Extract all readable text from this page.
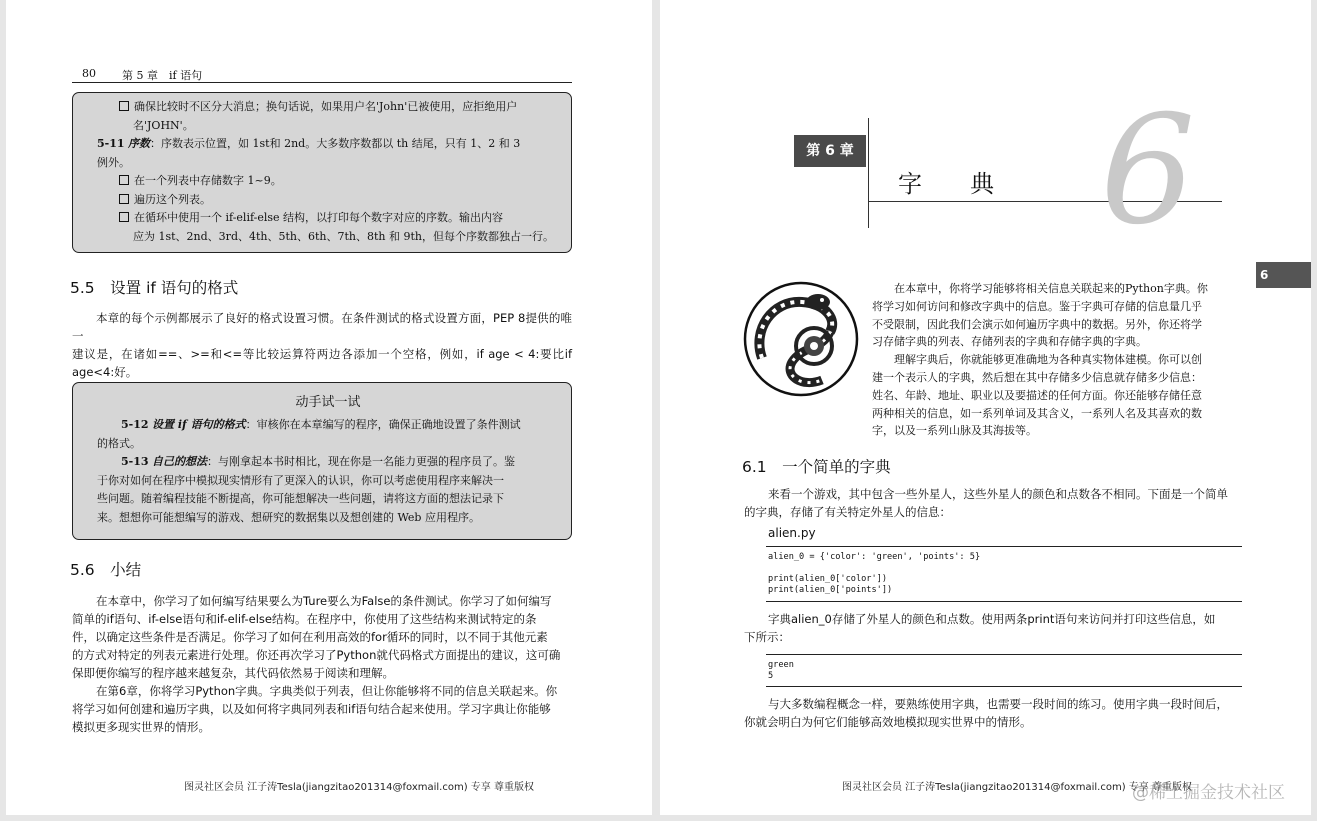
80 第 5 章　if 语句
确保比较时不区分大消息；换句话说，如果用户名'John'已被使用，应拒绝用户
名'JOHN'。
5-11 序数：序数表示位置，如 1st和 2nd。大多数序数都以 th 结尾，只有 1、2 和 3
例外。
在一个列表中存储数字 1~9。
遍历这个列表。
在循环中使用一个 if-elif-else 结构，以打印每个数字对应的序数。输出内容
应为 1st、2nd、3rd、4th、5th、6th、7th、8th 和 9th，但每个序数都独占一行。
5.5　设置 if 语句的格式

本章的每个示例都展示了良好的格式设置习惯。在条件测试的格式设置方面，PEP 8提供的唯一

建议是，在诸如==、>=和<=等比较运算符两边各添加一个空格，例如，if age < 4:要比if age<4:好。

动手试一试
5-12 设置 if 语句的格式：审核你在本章编写的程序，确保正确地设置了条件测试
的格式。
5-13 自己的想法：与刚拿起本书时相比，现在你是一名能力更强的程序员了。鉴
于你对如何在程序中模拟现实情形有了更深入的认识，你可以考虑使用程序来解决一
些问题。随着编程技能不断提高，你可能想解决一些问题，请将这方面的想法记录下
来。想想你可能想编写的游戏、想研究的数据集以及想创建的 Web 应用程序。
5.6　小结

在本章中，你学习了如何编写结果要么为Ture要么为False的条件测试。你学习了如何编写

简单的if语句、if-else语句和if-elif-else结构。在程序中，你使用了这些结构来测试特定的条

件，以确定这些条件是否满足。你学习了如何在利用高效的for循环的同时，以不同于其他元素

的方式对特定的列表元素进行处理。你还再次学习了Python就代码格式方面提出的建议，这可确

保即便你编写的程序越来越复杂，其代码依然易于阅读和理解。

在第6章，你将学习Python字典。字典类似于列表，但让你能够将不同的信息关联起来。你

将学习如何创建和遍历字典，以及如何将字典同列表和if语句结合起来使用。学习字典让你能够

模拟更多现实世界的情形。

图灵社区会员 江子涛Tesla(jiangzitao201314@foxmail.com) 专享 尊重版权
第 6 章 6
字　　典
6

在本章中，你将学习能够将相关信息关联起来的Python字典。你

将学习如何访问和修改字典中的信息。鉴于字典可存储的信息量几乎

不受限制，因此我们会演示如何遍历字典中的数据。另外，你还将学

习存储字典的列表、存储列表的字典和存储字典的字典。

理解字典后，你就能够更准确地为各种真实物体建模。你可以创

建一个表示人的字典，然后想在其中存储多少信息就存储多少信息：

姓名、年龄、地址、职业以及要描述的任何方面。你还能够存储任意

两种相关的信息，如一系列单词及其含义，一系列人名及其喜欢的数

字，以及一系列山脉及其海拔等。

6.1　一个简单的字典

来看一个游戏，其中包含一些外星人，这些外星人的颜色和点数各不相同。下面是一个简单

的字典，存储了有关特定外星人的信息：

alien.py
alien_0 = {'color': 'green', 'points': 5}
print(alien_0['color'])
print(alien_0['points'])

字典alien_0存储了外星人的颜色和点数。使用两条print语句来访问并打印这些信息，如

下所示：

green
5

与大多数编程概念一样，要熟练使用字典，也需要一段时间的练习。使用字典一段时间后，

你就会明白为何它们能够高效地模拟现实世界中的情形。

图灵社区会员 江子涛Tesla(jiangzitao201314@foxmail.com) 专享 尊重版权
@稀土掘金技术社区
